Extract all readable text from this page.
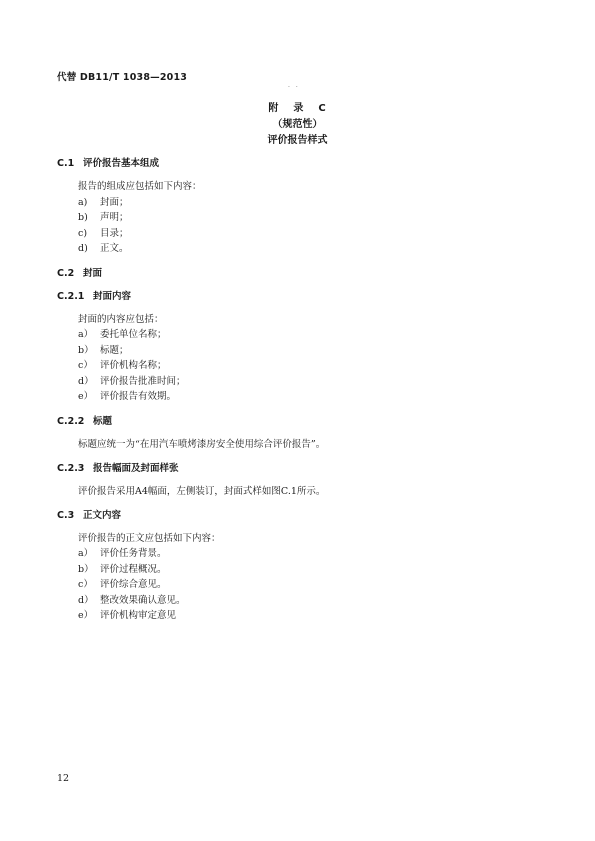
代替 DB11/T 1038—2013
. .
附 录 C
（规范性）
评价报告样式
C.1 评价报告基本组成
报告的组成应包括如下内容：
a) 封面；
b) 声明；
c) 目录；
d) 正文。
C.2 封面
C.2.1 封面内容
封面的内容应包括：
a） 委托单位名称；
b） 标题；
c） 评价机构名称；
d） 评价报告批准时间；
e） 评价报告有效期。
C.2.2 标题
标题应统一为“在用汽车喷烤漆房安全使用综合评价报告”。
C.2.3 报告幅面及封面样张
评价报告采用A4幅面，左侧装订，封面式样如图C.1所示。
C.3 正文内容
评价报告的正文应包括如下内容：
a） 评价任务背景。
b） 评价过程概况。
c） 评价综合意见。
d） 整改效果确认意见。
e） 评价机构审定意见
12
